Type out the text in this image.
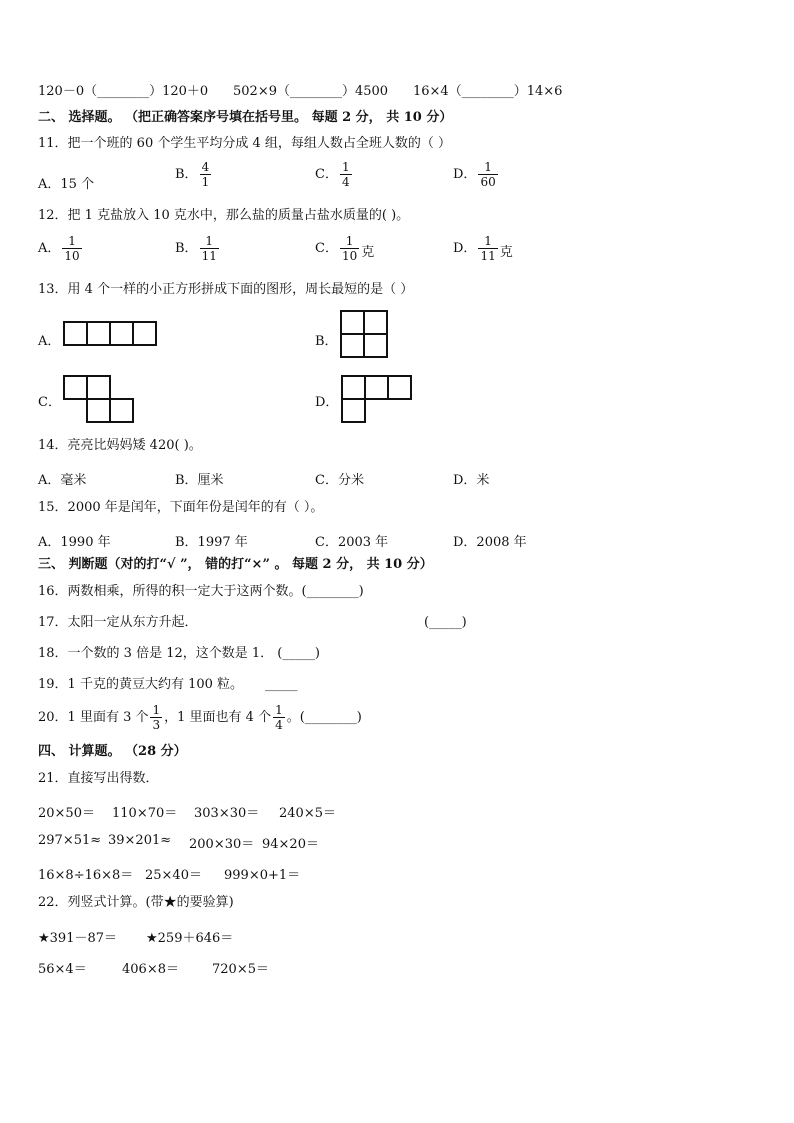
120－0（________）120＋0 502×9（________）4500 16×4（________）14×6
二、 选择题。 （把正确答案序号填在括号里。 每题 2 分， 共 10 分）
11．把一个班的 60 个学生平均分成 4 组，每组人数占全班人数的（ ）
A．15 个
B． $\frac{4}{1}$	C． $\frac{1}{4}$	D． $\frac{1}{60}$
12．把 1 克盐放入 10 克水中，那么盐的质量占盐水质量的( )。
A． $\frac{1}{10}$	B． $\frac{1}{11}$	C． $\frac{1}{10}$ 克	D． $\frac{1}{11}$ 克
13．用 4 个一样的小正方形拼成下面的图形，周长最短的是（ ）
A．	B．
C．	D．
14．亮亮比妈妈矮 420( )。
A．毫米	B．厘米	C．分米	D．米
15．2000 年是闰年，下面年份是闰年的有（ ）。
A．1990 年	B．1997 年	C．2003 年	D．2008 年
三、 判断题（对的打“√ ”， 错的打“×” 。 每题 2 分， 共 10 分）
16．两数相乘，所得的积一定大于这两个数。(________)
17．太阳一定从东方升起．	(_____)
18．一个数的 3 倍是 12，这个数是 1． (_____)
19．1 千克的黄豆大约有 100 粒。 _____
20．1 里面有 3 个 $\frac{1}{3}$ ，1 里面也有 4 个 $\frac{1}{4}$ 。(________)
四、 计算题。 （28 分）
21．直接写出得数．
20×50＝ 110×70＝ 303×30＝ 240×5＝
297×51≈ 39×201≈ 200×30＝ 94×20＝
16×8÷16×8＝ 25×40＝ 999×0+1＝
22．列竖式计算。(带★的要验算)
★391－87＝ ★259＋646＝
56×4＝	406×8＝	720×5＝
